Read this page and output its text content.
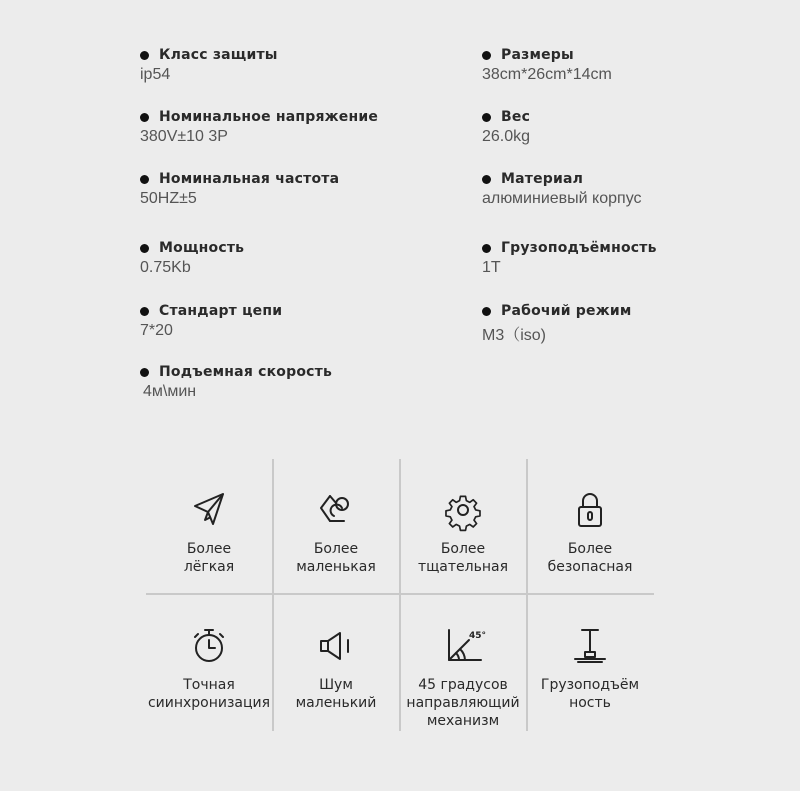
Класс защиты
ip54
Размеры
38cm*26cm*14cm
Номинальное напряжение
380V±10 3P
Вес
26.0kg
Номинальная частота
50HZ±5
Материал
алюминиевый корпус
Мощность
0.75Kb
Грузоподъёмность
1T
Стандарт цепи
7*20
Рабочий режим
M3（iso)
Подъемная скорость
4м\мин
Более
лёгкая
Более
маленькая
Более
тщательная
Более
безопасная
Точная
сиинхронизация
Шум
маленький
45°
45 градусов
направляющий
механизм
Грузоподъём
ность
